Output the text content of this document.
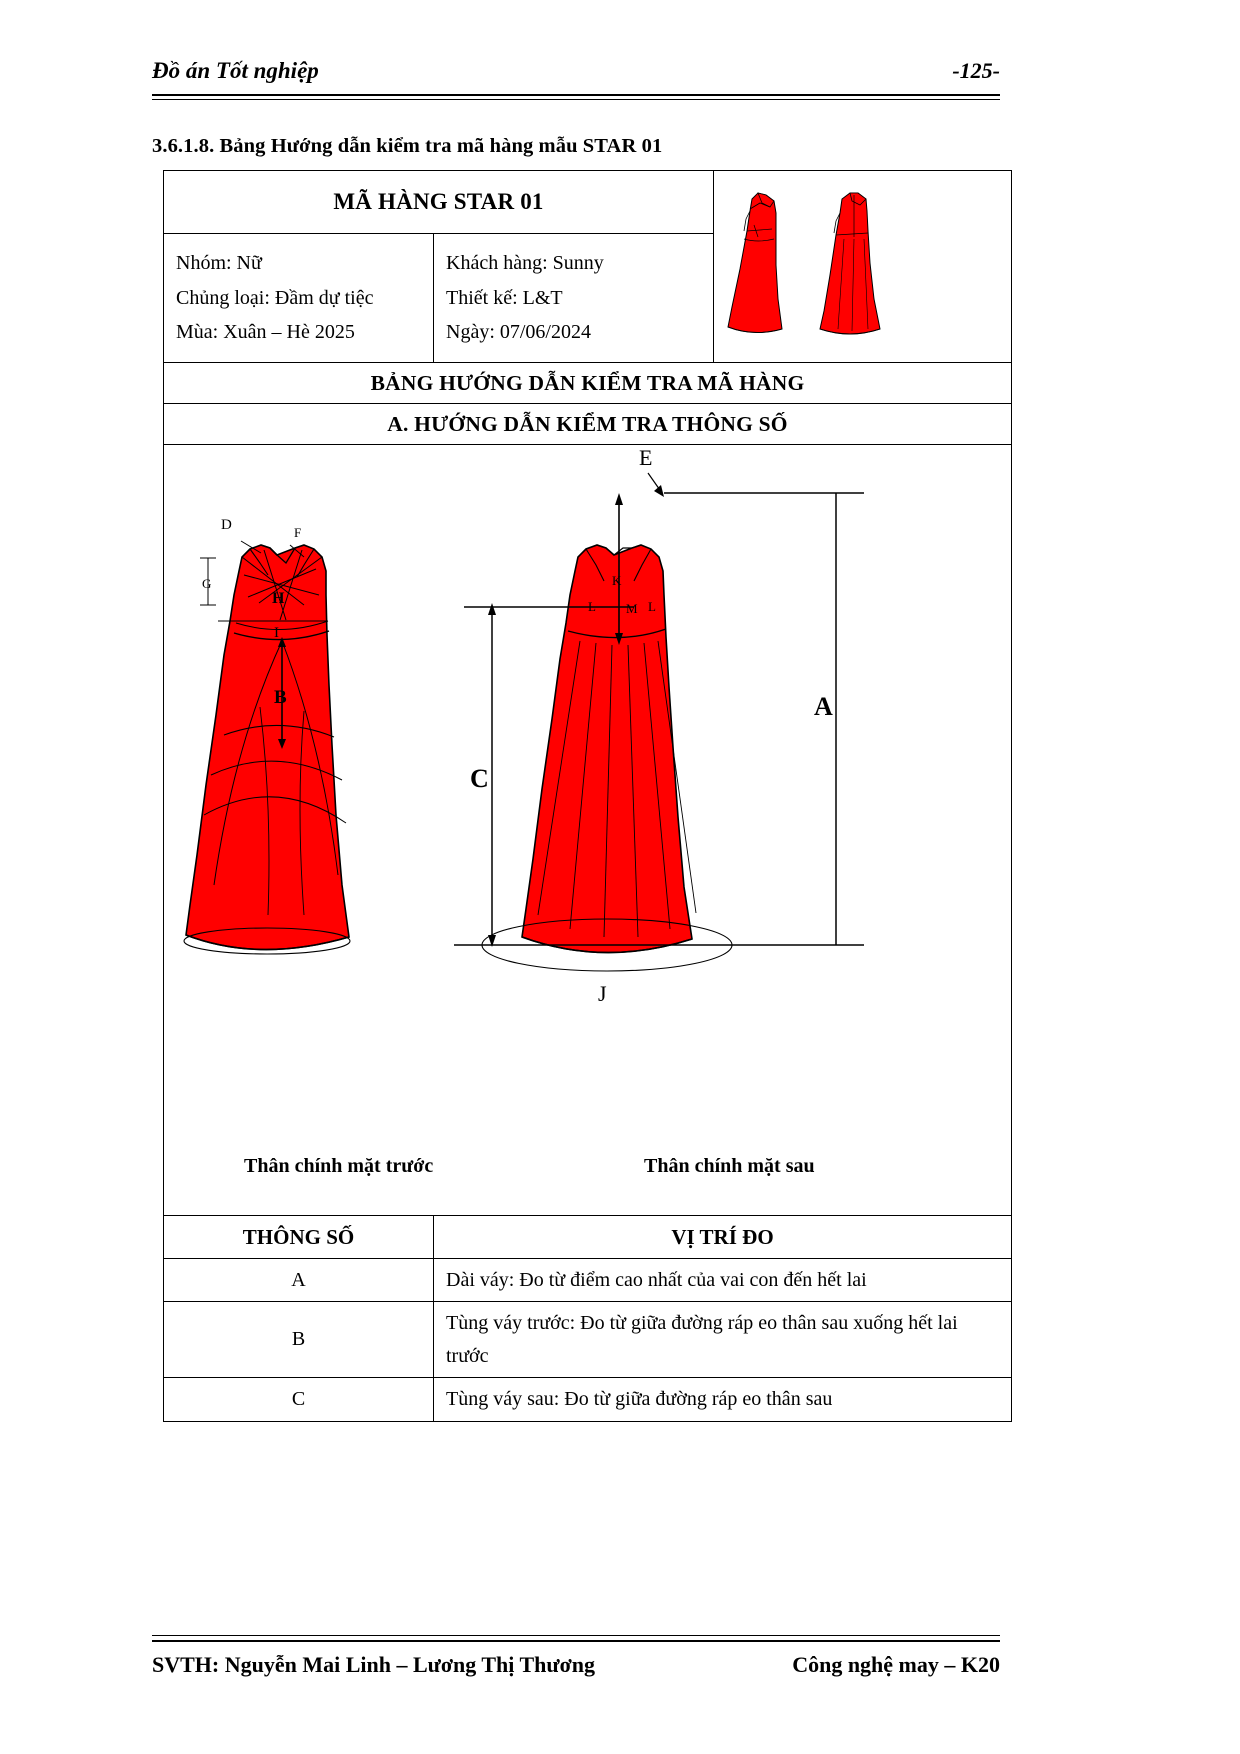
Đồ án Tốt nghiệp	-125-
3.6.1.8. Bảng Hướng dẫn kiểm tra mã hàng mẫu STAR 01
MÃ HÀNG STAR 01	

Nhóm: Nữ
Chủng loại: Đầm dự tiệc
Mùa: Xuân – Hè 2025

Khách hàng: Sunny
Thiết kế: L&T
Ngày: 07/06/2024

BẢNG HƯỚNG DẪN KIỂM TRA MÃ HÀNG		
A. HƯỚNG DẪN KIỂM TRA THÔNG SỐ		

D	F
G
H
I
B
E
A
C
K
L M L
J
Thân chính mặt trước	Thân chính mặt sau

THÔNG SỐ	VỊ TRÍ ĐO	
A	Dài váy: Đo từ điểm cao nhất của vai con đến hết lai	
B	Tùng váy trước: Đo từ giữa đường ráp eo thân sau xuống hết lai trước	
C	Tùng váy sau: Đo từ giữa đường ráp eo thân sau	
SVTH: Nguyễn Mai Linh – Lương Thị Thương	Công nghệ may – K20
